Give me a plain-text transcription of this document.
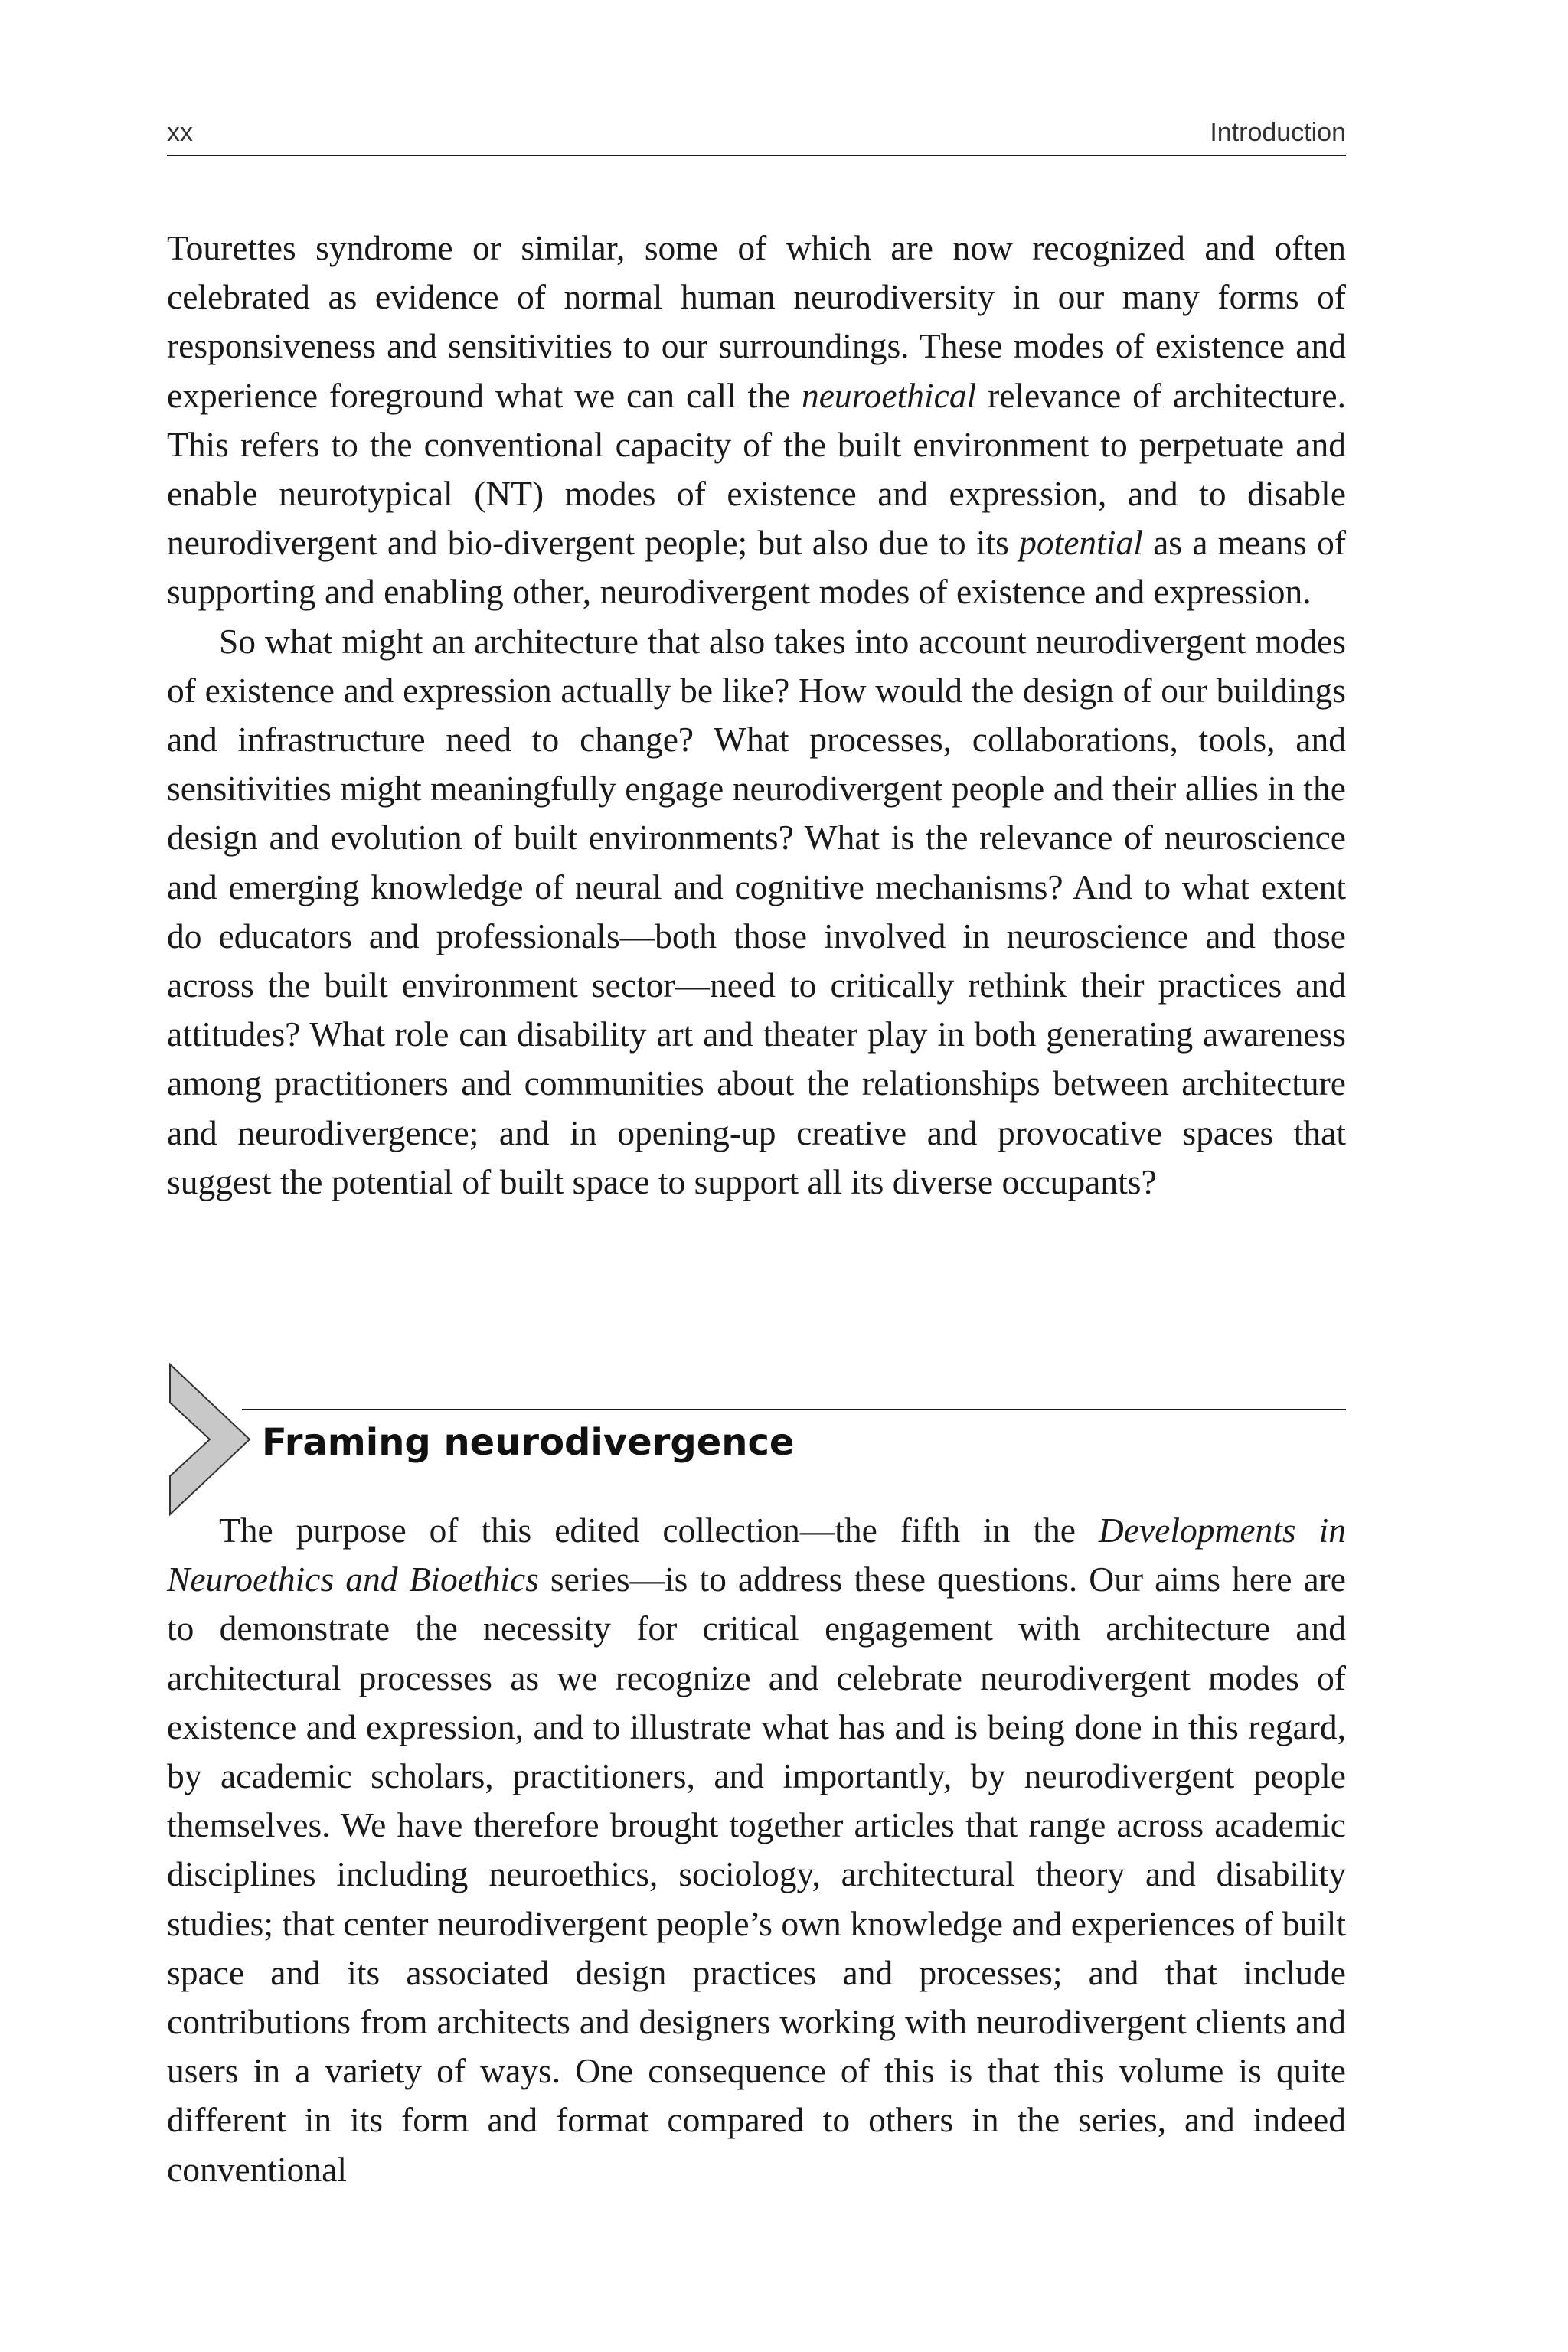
xx	Introduction

Tourettes syndrome or similar, some of which are now recognized and often celebrated as evidence of normal human neurodiversity in our many forms of responsiveness and sensitivities to our surroundings. These modes of existence and experience foreground what we can call the neuroethical relevance of architecture. This refers to the conventional capacity of the built environment to perpetuate and enable neurotypical (NT) modes of existence and expression, and to disable neurodivergent and bio-divergent people; but also due to its potential as a means of supporting and enabling other, neurodivergent modes of existence and expression.

So what might an architecture that also takes into account neurodivergent modes of existence and expression actually be like? How would the design of our buildings and infrastructure need to change? What processes, collaborations, tools, and sensitivities might meaningfully engage neurodivergent people and their allies in the design and evolution of built environments? What is the relevance of neuroscience and emerging knowledge of neural and cognitive mechanisms? And to what extent do educators and professionals—both those involved in neuroscience and those across the built environment sector—need to critically rethink their practices and attitudes? What role can disability art and theater play in both generating awareness among practitioners and communities about the relationships between architecture and neurodivergence; and in opening-up creative and provocative spaces that suggest the potential of built space to support all its diverse occupants?

Framing neurodivergence

The purpose of this edited collection—the fifth in the Developments in Neuroethics and Bioethics series—is to address these questions. Our aims here are to demonstrate the necessity for critical engagement with architecture and architectural processes as we recognize and celebrate neurodivergent modes of existence and expression, and to illustrate what has and is being done in this regard, by academic scholars, practitioners, and importantly, by neurodivergent people themselves. We have therefore brought together articles that range across academic disciplines including neuroethics, sociology, architectural theory and disability studies; that center neurodivergent people’s own knowledge and experiences of built space and its associated design practices and processes; and that include contributions from architects and designers working with neurodivergent clients and users in a variety of ways. One consequence of this is that this volume is quite different in its form and format compared to others in the series, and indeed conventional
